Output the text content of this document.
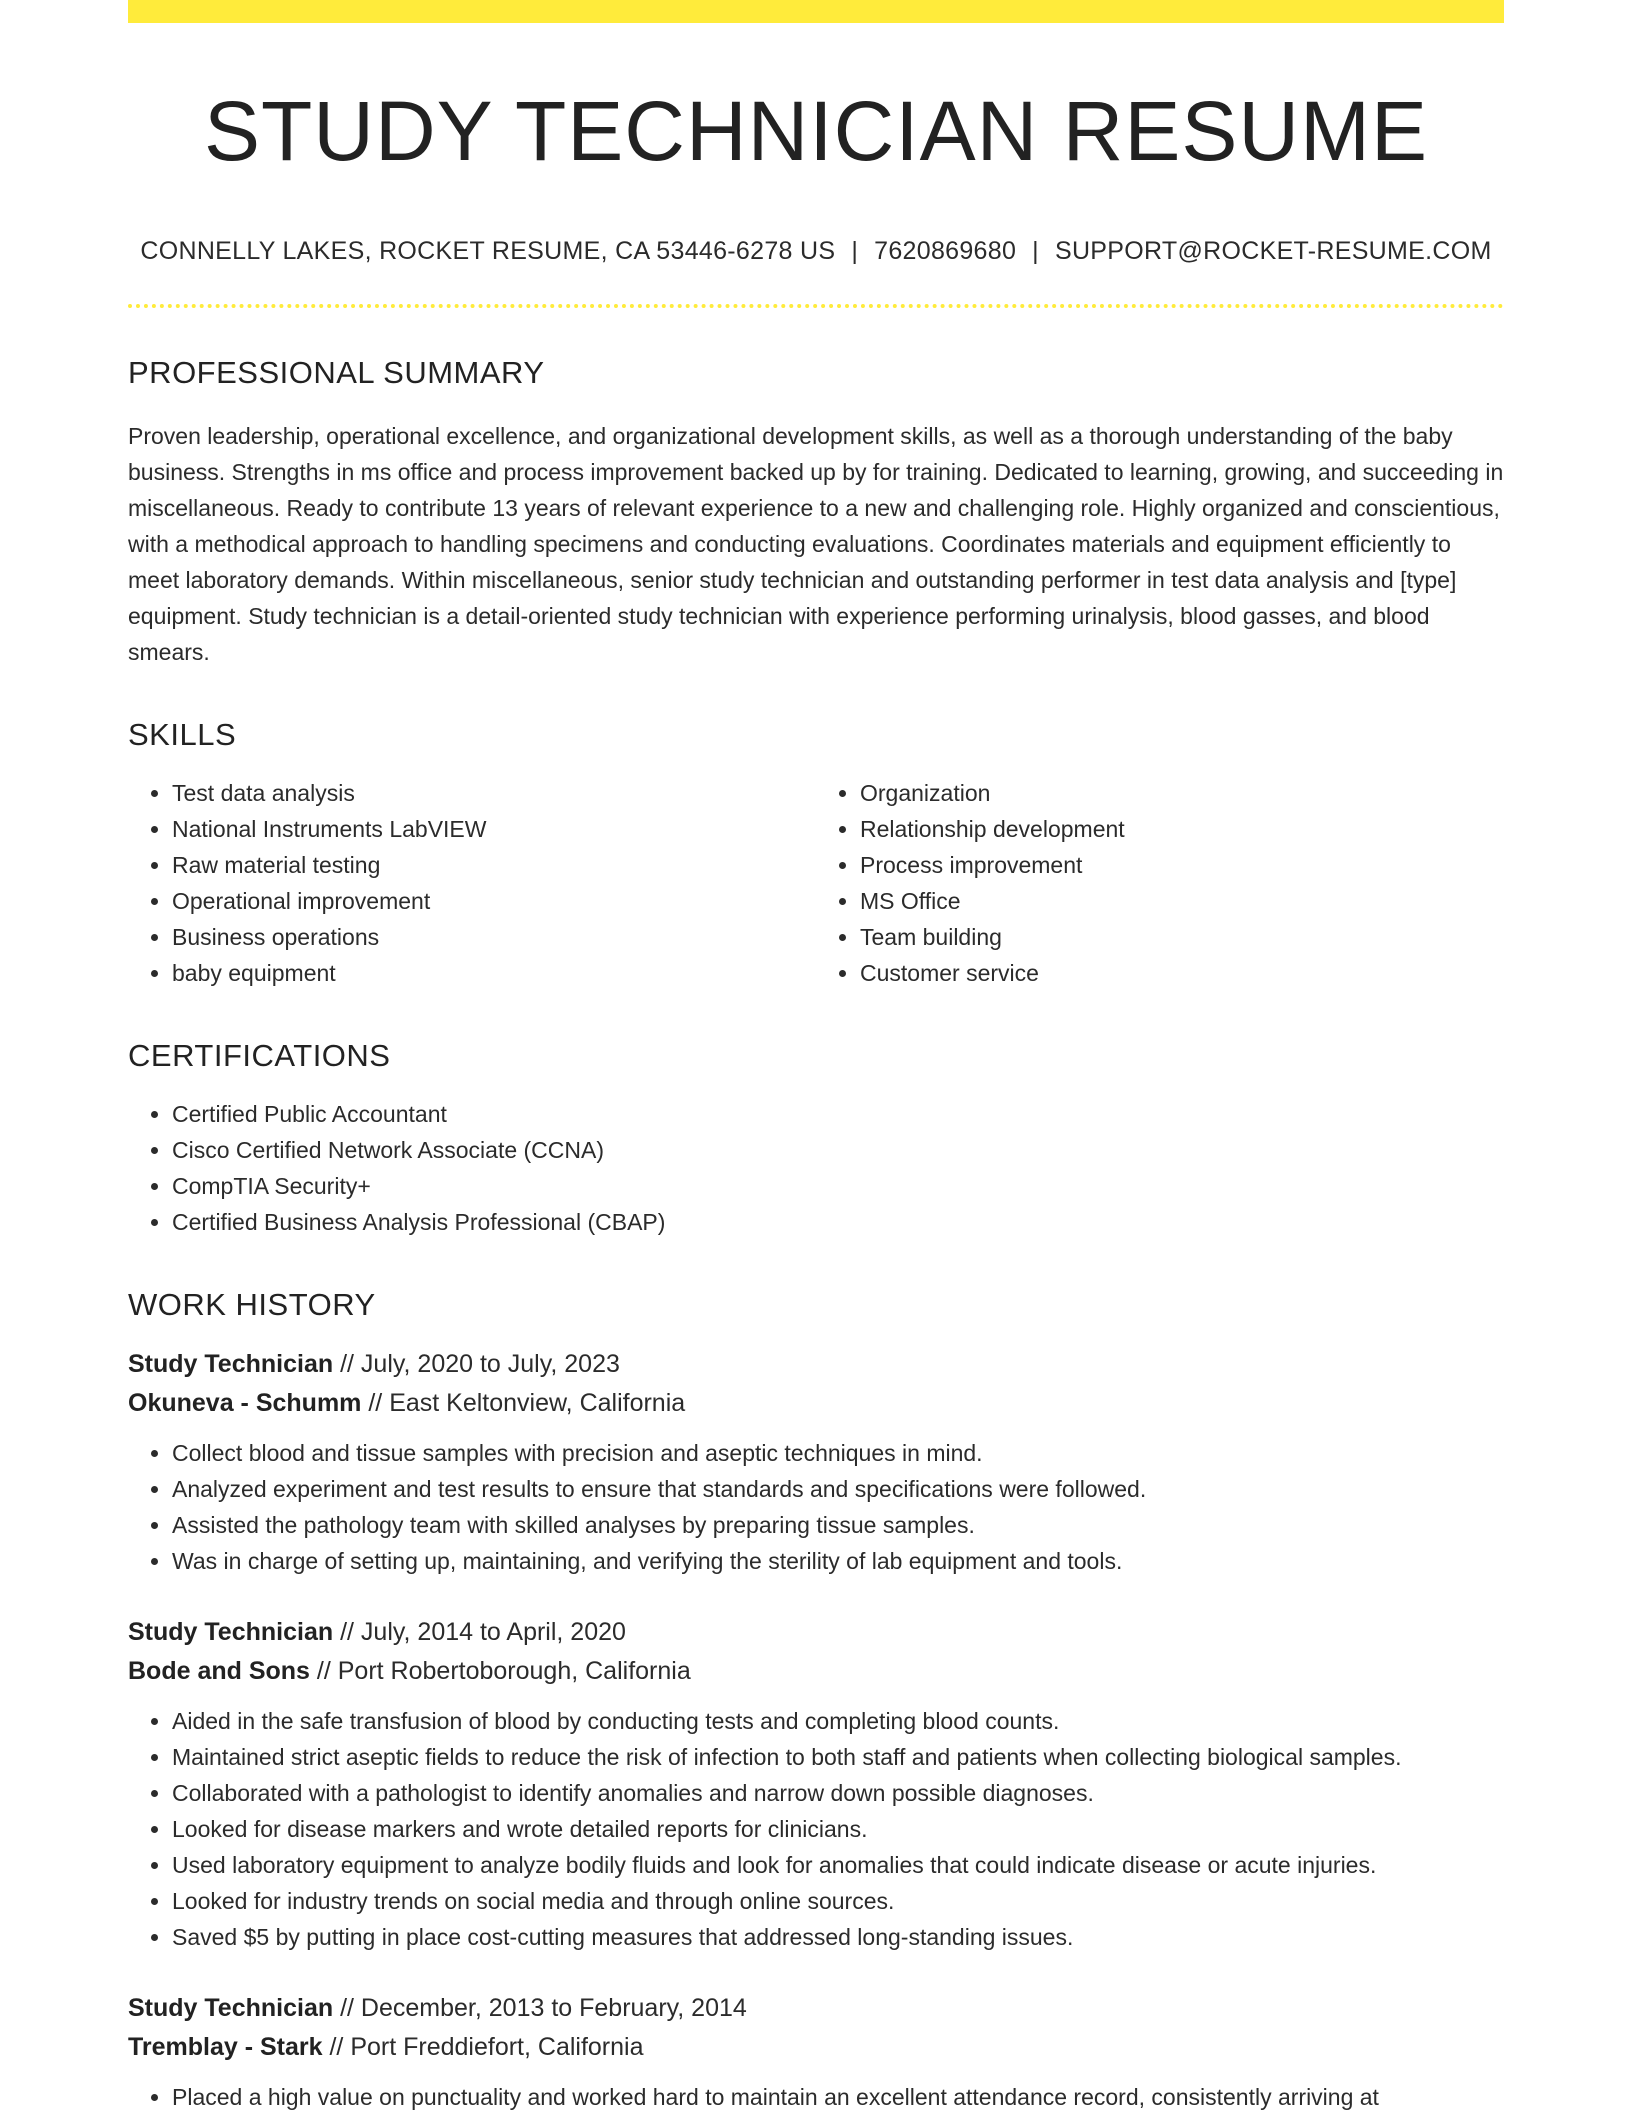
STUDY TECHNICIAN RESUME
CONNELLY LAKES, ROCKET RESUME, CA 53446-6278 US | 7620869680 | SUPPORT@ROCKET-RESUME.COM
PROFESSIONAL SUMMARY

Proven leadership, operational excellence, and organizational development skills, as well as a thorough understanding of the baby business. Strengths in ms office and process improvement backed up by for training. Dedicated to learning, growing, and succeeding in miscellaneous. Ready to contribute 13 years of relevant experience to a new and challenging role. Highly organized and conscientious, with a methodical approach to handling specimens and conducting evaluations. Coordinates materials and equipment efficiently to meet laboratory demands. Within miscellaneous, senior study technician and outstanding performer in test data analysis and [type] equipment. Study technician is a detail-oriented study technician with experience performing urinalysis, blood gasses, and blood smears.

SKILLS
• Test data analysis
• National Instruments LabVIEW
• Raw material testing
• Operational improvement
• Business operations
• baby equipment
• Organization
• Relationship development
• Process improvement
• MS Office
• Team building
• Customer service
CERTIFICATIONS
• Certified Public Accountant
• Cisco Certified Network Associate (CCNA)
• CompTIA Security+
• Certified Business Analysis Professional (CBAP)
WORK HISTORY
Study Technician // July, 2020 to July, 2023
Okuneva - Schumm // East Keltonview, California
• Collect blood and tissue samples with precision and aseptic techniques in mind.
• Analyzed experiment and test results to ensure that standards and specifications were followed.
• Assisted the pathology team with skilled analyses by preparing tissue samples.
• Was in charge of setting up, maintaining, and verifying the sterility of lab equipment and tools.
Study Technician // July, 2014 to April, 2020
Bode and Sons // Port Robertoborough, California
• Aided in the safe transfusion of blood by conducting tests and completing blood counts.
• Maintained strict aseptic fields to reduce the risk of infection to both staff and patients when collecting biological samples.
• Collaborated with a pathologist to identify anomalies and narrow down possible diagnoses.
• Looked for disease markers and wrote detailed reports for clinicians.
• Used laboratory equipment to analyze bodily fluids and look for anomalies that could indicate disease or acute injuries.
• Looked for industry trends on social media and through online sources.
• Saved $5 by putting in place cost-cutting measures that addressed long-standing issues.
Study Technician // December, 2013 to February, 2014
Tremblay - Stark // Port Freddiefort, California
• Placed a high value on punctuality and worked hard to maintain an excellent attendance record, consistently arriving at
